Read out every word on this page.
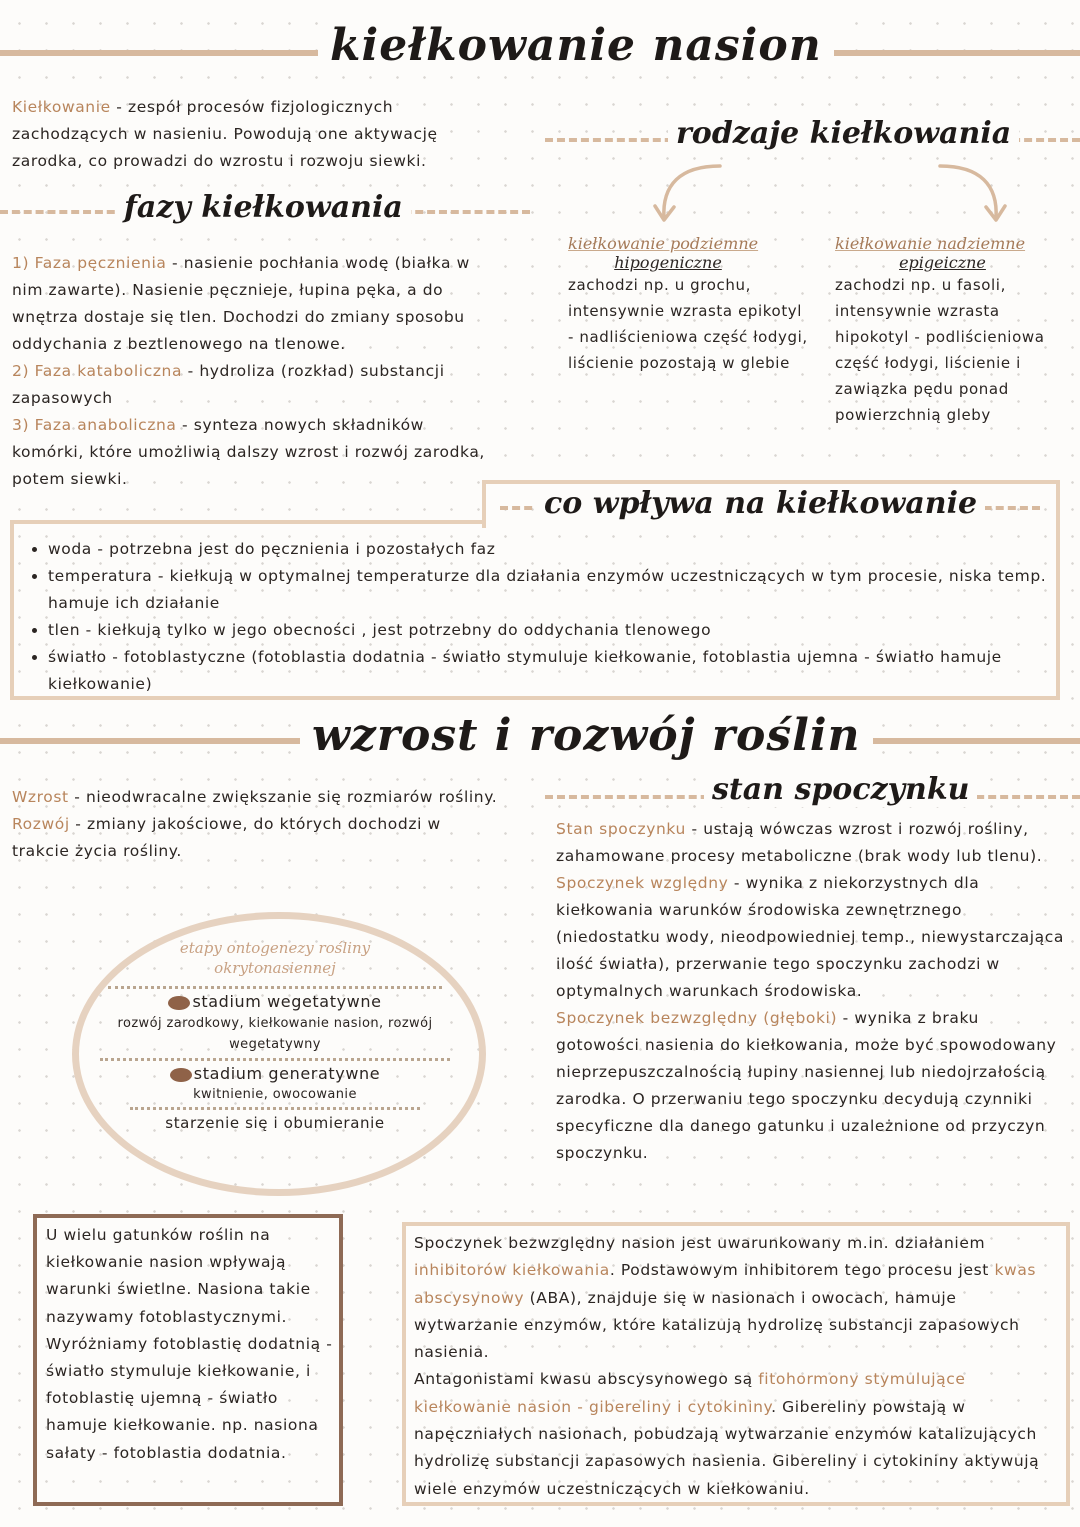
kiełkowanie nasion
Kiełkowanie - zespół procesów fizjologicznych zachodzących w nasieniu. Powodują one aktywację zarodka, co prowadzi do wzrostu i rozwoju siewki.
fazy kiełkowania
1) Faza pęcznienia - nasienie pochłania wodę (białka w nim zawarte). Nasienie pęcznieje, łupina pęka, a do wnętrza dostaje się tlen. Dochodzi do zmiany sposobu oddychania z beztlenowego na tlenowe.
2) Faza kataboliczna - hydroliza (rozkład) substancji zapasowych
3) Faza anaboliczna - synteza nowych składników komórki, które umożliwią dalszy wzrost i rozwój zarodka, potem siewki.
rodzaje kiełkowania
kiełkowanie podziemne
hipogeniczne
zachodzi np. u grochu, intensywnie wzrasta epikotyl - nadliścieniowa część łodygi, liścienie pozostają w glebie
kiełkowanie nadziemne
epigeiczne
zachodzi np. u fasoli, intensywnie wzrasta hipokotyl - podliścieniowa część łodygi, liścienie i zawiązka pędu ponad powierzchnią gleby
co wpływa na kiełkowanie
• woda - potrzebna jest do pęcznienia i pozostałych faz
• temperatura - kiełkują w optymalnej temperaturze dla działania enzymów uczestniczących w tym procesie, niska temp. hamuje ich działanie
• tlen - kiełkują tylko w jego obecności , jest potrzebny do oddychania tlenowego
• światło - fotoblastyczne (fotoblastia dodatnia - światło stymuluje kiełkowanie, fotoblastia ujemna - światło hamuje kiełkowanie)
wzrost i rozwój roślin
Wzrost - nieodwracalne zwiększanie się rozmiarów rośliny.
Rozwój - zmiany jakościowe, do których dochodzi w trakcie życia rośliny.
etapy ontogenezy rośliny okrytonasiennej
stadium wegetatywne
rozwój zarodkowy, kiełkowanie nasion, rozwój wegetatywny
stadium generatywne
kwitnienie, owocowanie
starzenie się i obumieranie
stan spoczynku
Stan spoczynku - ustają wówczas wzrost i rozwój rośliny, zahamowane procesy metaboliczne (brak wody lub tlenu).
Spoczynek względny - wynika z niekorzystnych dla kiełkowania warunków środowiska zewnętrznego (niedostatku wody, nieodpowiedniej temp., niewystarczająca ilość światła), przerwanie tego spoczynku zachodzi w optymalnych warunkach środowiska.
Spoczynek bezwzględny (głęboki) - wynika z braku gotowości nasienia do kiełkowania, może być spowodowany nieprzepuszczalnością łupiny nasiennej lub niedojrzałością zarodka. O przerwaniu tego spoczynku decydują czynniki specyficzne dla danego gatunku i uzależnione od przyczyn spoczynku.
U wielu gatunków roślin na kiełkowanie nasion wpływają warunki świetlne. Nasiona takie nazywamy fotoblastycznymi. Wyróżniamy fotoblastię dodatnią - światło stymuluje kiełkowanie, i fotoblastię ujemną - światło hamuje kiełkowanie. np. nasiona sałaty - fotoblastia dodatnia.
Spoczynek bezwzględny nasion jest uwarunkowany m.in. działaniem inhibitorów kiełkowania. Podstawowym inhibitorem tego procesu jest kwas abscysynowy (ABA), znajduje się w nasionach i owocach, hamuje wytwarzanie enzymów, które katalizują hydrolizę substancji zapasowych nasienia.
Antagonistami kwasu abscysynowego są fitohormony stymulujące kiełkowanie nasion - gibereliny i cytokininy. Gibereliny powstają w napęczniałych nasionach, pobudzają wytwarzanie enzymów katalizujących hydrolizę substancji zapasowych nasienia. Gibereliny i cytokininy aktywują wiele enzymów uczestniczących w kiełkowaniu.
